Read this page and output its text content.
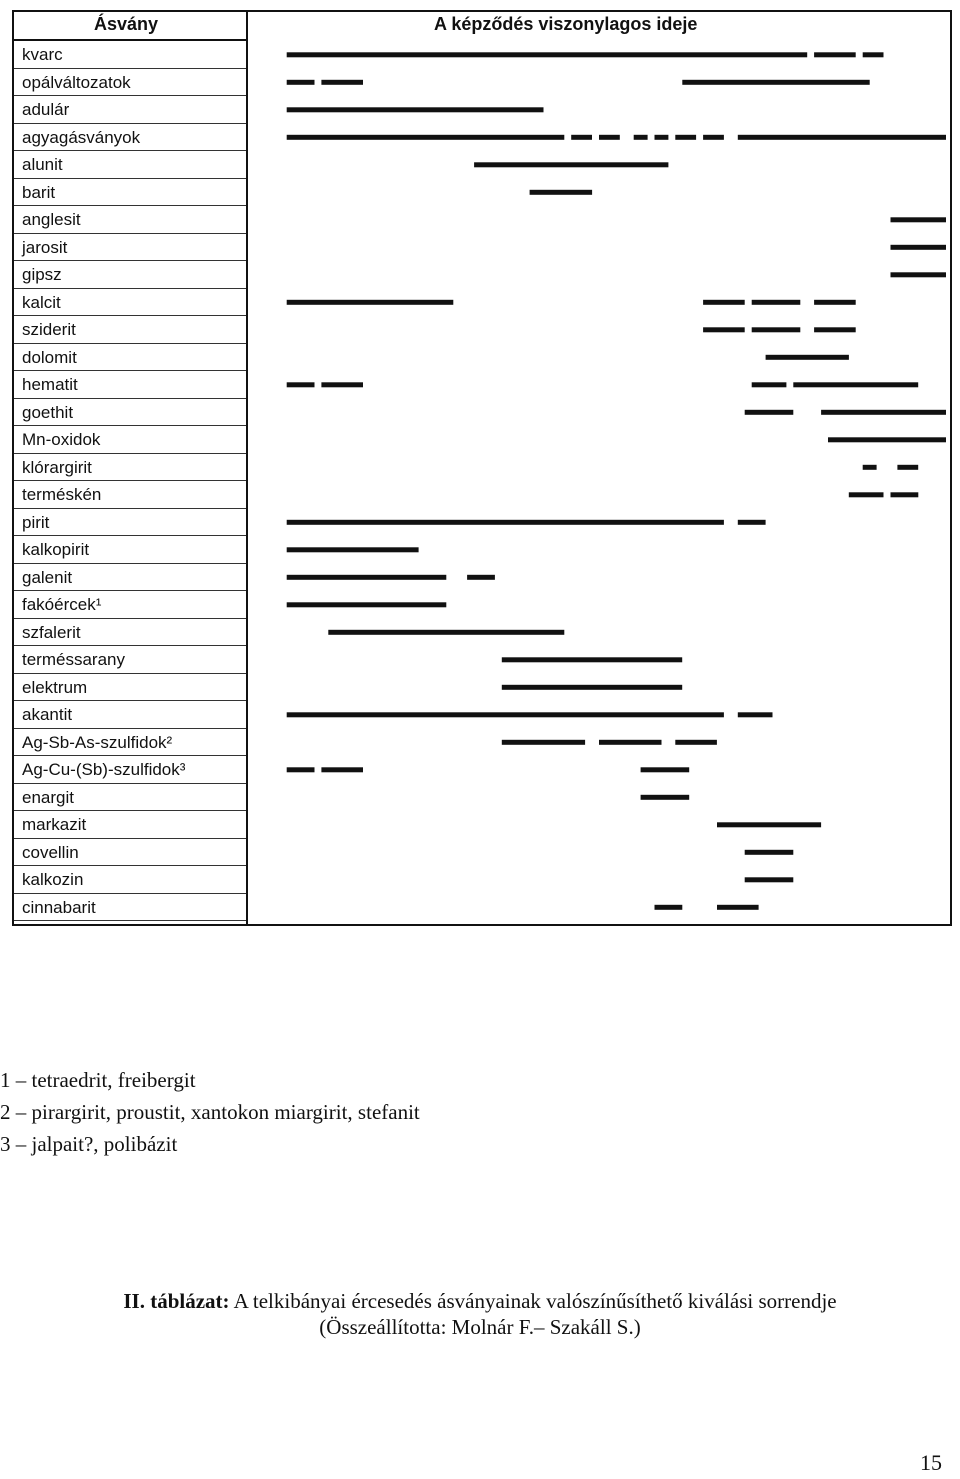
Ásvány	A képződés viszonylagos ideje
kvarc
opálváltozatok
adulár
agyagásványok
alunit
barit
anglesit
jarosit
gipsz
kalcit
sziderit
dolomit
hematit
goethit
Mn-oxidok
klórargirit
terméskén
pirit
kalkopirit
galenit
fakóércek¹
szfalerit
terméssarany
elektrum
akantit
Ag-Sb-As-szulfidok²
Ag-Cu-(Sb)-szulfidok³
enargit
markazit
covellin
kalkozin
cinnabarit
1 – tetraedrit, freibergit
2 – pirargirit, proustit, xantokon miargirit, stefanit
3 – jalpait?, polibázit
II. táblázat: A telkibányai ércesedés ásványainak valószínűsíthető kiválási sorrendje
(Összeállította: Molnár F.– Szakáll S.)
15
